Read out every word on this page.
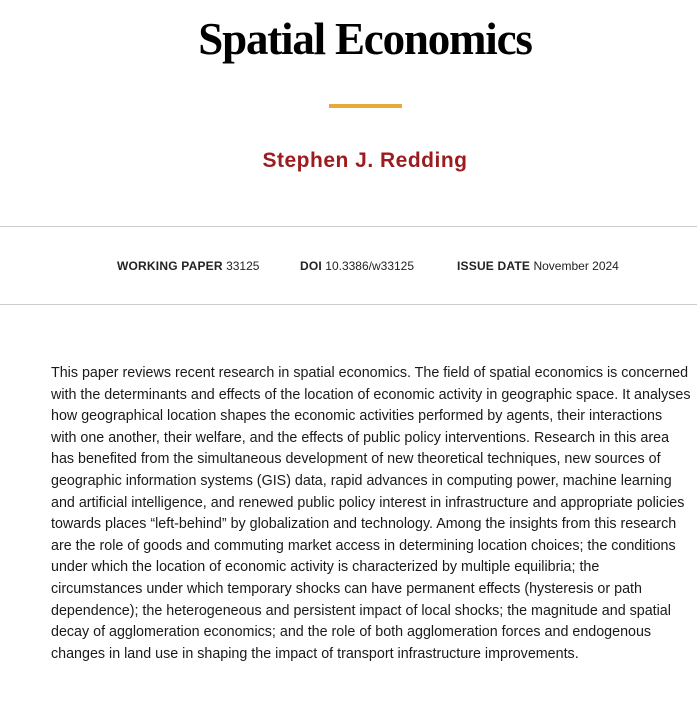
Spatial Economics
Stephen J. Redding
WORKING PAPER 33125	DOI 10.3386/w33125	ISSUE DATE November 2024

This paper reviews recent research in spatial economics. The field of spatial economics is concerned with the determinants and effects of the location of economic activity in geographic space. It analyses how geographical location shapes the economic activities performed by agents, their interactions with one another, their welfare, and the effects of public policy interventions. Research in this area has benefited from the simultaneous development of new theoretical techniques, new sources of geographic information systems (GIS) data, rapid advances in computing power, machine learning and artificial intelligence, and renewed public policy interest in infrastructure and appropriate policies towards places “left-behind” by globalization and technology. Among the insights from this research are the role of goods and commuting market access in determining location choices; the conditions under which the location of economic activity is characterized by multiple equilibria; the circumstances under which temporary shocks can have permanent effects (hysteresis or path dependence); the heterogeneous and persistent impact of local shocks; the magnitude and spatial decay of agglomeration economics; and the role of both agglomeration forces and endogenous changes in land use in shaping the impact of transport infrastructure improvements.
